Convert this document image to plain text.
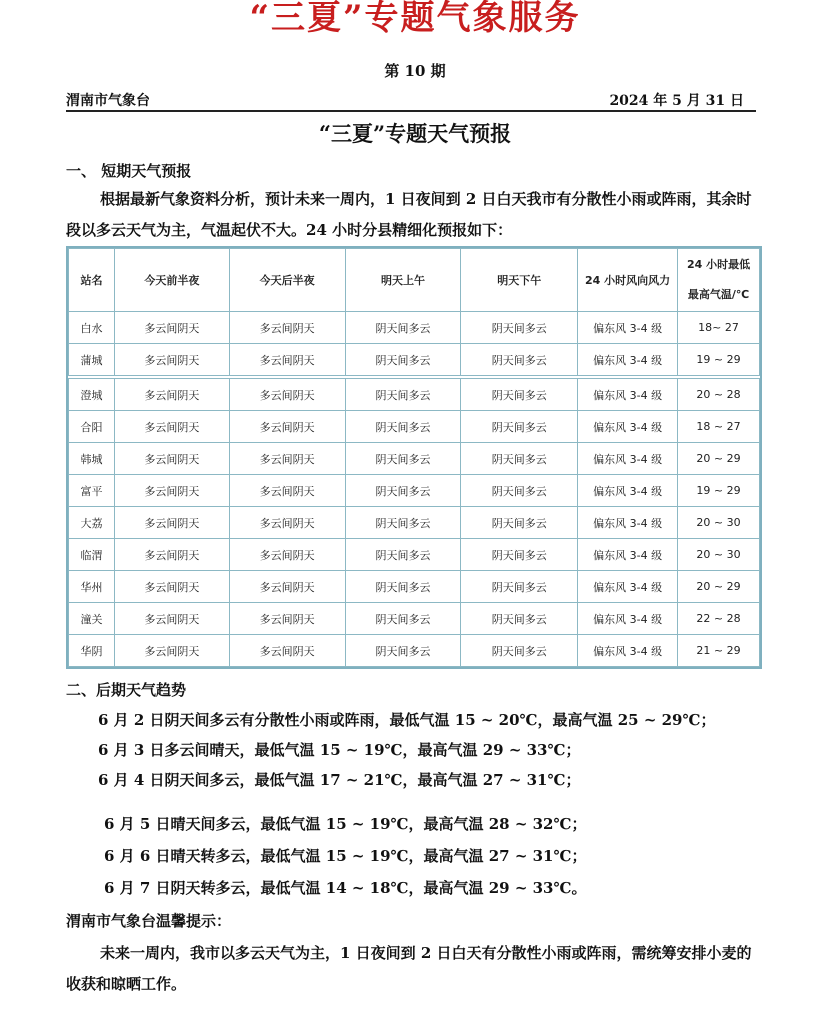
“三夏”专题气象服务
第 10 期
渭南市气象台	2024 年 5 月 31 日
“三夏”专题天气预报
一、 短期天气预报
根据最新气象资料分析，预计未来一周内，1 日夜间到 2 日白天我市有分散性小雨或阵雨，其余时段以多云天气为主，气温起伏不大。24 小时分县精细化预报如下：
站名	今天前半夜	今天后半夜	明天上午	明天下午	24 小时风向风力	24 小时最低
最高气温/℃

白水	多云间阴天	多云间阴天	阴天间多云	阴天间多云	偏东风 3-4 级	18~ 27
蒲城	多云间阴天	多云间阴天	阴天间多云	阴天间多云	偏东风 3-4 级	19 ~ 29
澄城	多云间阴天	多云间阴天	阴天间多云	阴天间多云	偏东风 3-4 级	20 ~ 28
合阳	多云间阴天	多云间阴天	阴天间多云	阴天间多云	偏东风 3-4 级	18 ~ 27
韩城	多云间阴天	多云间阴天	阴天间多云	阴天间多云	偏东风 3-4 级	20 ~ 29
富平	多云间阴天	多云间阴天	阴天间多云	阴天间多云	偏东风 3-4 级	19 ~ 29
大荔	多云间阴天	多云间阴天	阴天间多云	阴天间多云	偏东风 3-4 级	20 ~ 30
临渭	多云间阴天	多云间阴天	阴天间多云	阴天间多云	偏东风 3-4 级	20 ~ 30
华州	多云间阴天	多云间阴天	阴天间多云	阴天间多云	偏东风 3-4 级	20 ~ 29
潼关	多云间阴天	多云间阴天	阴天间多云	阴天间多云	偏东风 3-4 级	22 ~ 28
华阴	多云间阴天	多云间阴天	阴天间多云	阴天间多云	偏东风 3-4 级	21 ~ 29
二、后期天气趋势
6 月 2 日阴天间多云有分散性小雨或阵雨，最低气温 15 ~ 20℃，最高气温 25 ~ 29℃；
6 月 3 日多云间晴天，最低气温 15 ~ 19℃，最高气温 29 ~ 33℃；
6 月 4 日阴天间多云，最低气温 17 ~ 21℃，最高气温 27 ~ 31℃；
6 月 5 日晴天间多云，最低气温 15 ~ 19℃，最高气温 28 ~ 32℃；
6 月 6 日晴天转多云，最低气温 15 ~ 19℃，最高气温 27 ~ 31℃；
6 月 7 日阴天转多云，最低气温 14 ~ 18℃，最高气温 29 ~ 33℃。
渭南市气象台温馨提示：
未来一周内，我市以多云天气为主，1 日夜间到 2 日白天有分散性小雨或阵雨，需统筹安排小麦的收获和晾晒工作。
